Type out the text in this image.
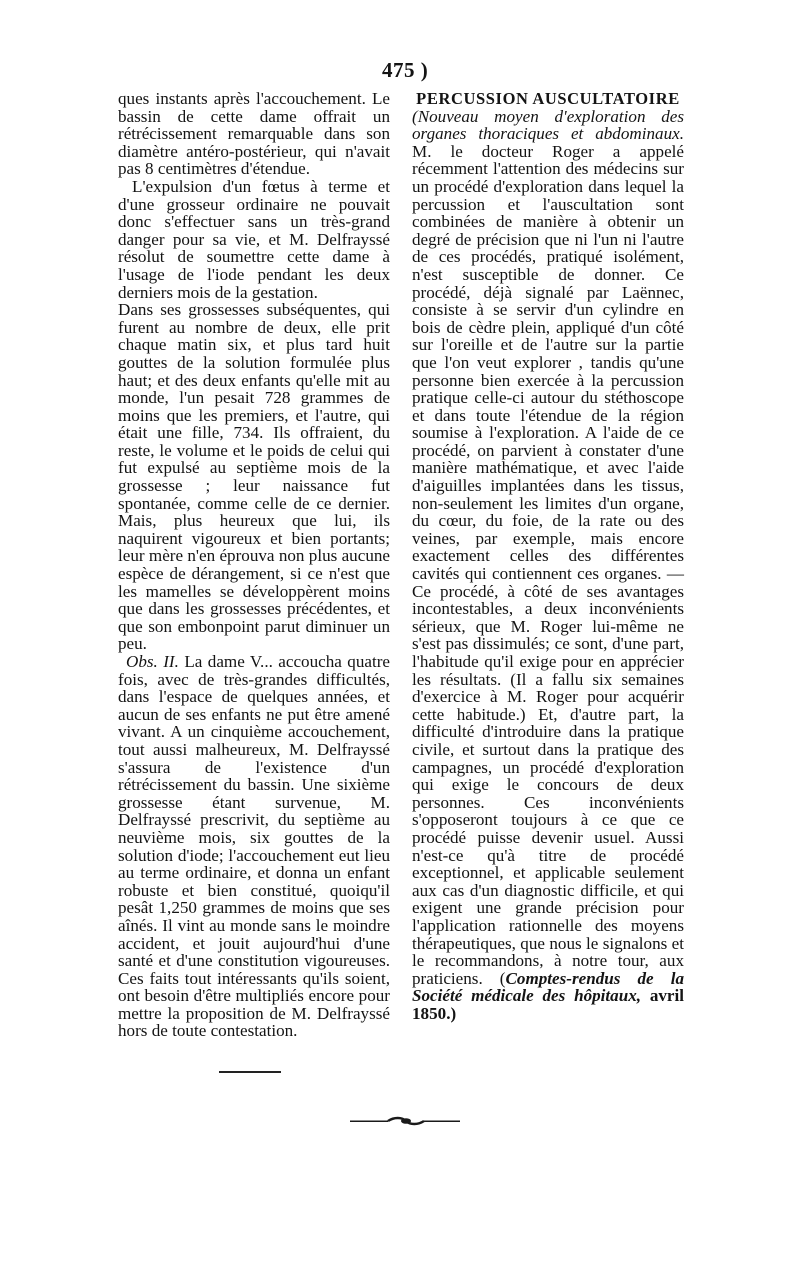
475 )

ques instants après l'accouchement. Le bassin de cette dame offrait un rétrécissement remarquable dans son diamètre antéro-postérieur, qui n'avait pas 8 centimètres d'étendue.

L'expulsion d'un fœtus à terme et d'une grosseur ordinaire ne pouvait donc s'effectuer sans un très-grand danger pour sa vie, et M. Delfrayssé résolut de soumettre cette dame à l'usage de l'iode pendant les deux derniers mois de la gestation.

Dans ses grossesses subséquentes, qui furent au nombre de deux, elle prit chaque matin six, et plus tard huit gouttes de la solution formulée plus haut; et des deux enfants qu'elle mit au monde, l'un pesait 728 grammes de moins que les premiers, et l'autre, qui était une fille, 734. Ils offraient, du reste, le volume et le poids de celui qui fut expulsé au septième mois de la grossesse ; leur naissance fut spontanée, comme celle de ce dernier. Mais, plus heureux que lui, ils naquirent vigoureux et bien portants; leur mère n'en éprouva non plus aucune espèce de dérangement, si ce n'est que les mamelles se développèrent moins que dans les grossesses précédentes, et que son embonpoint parut diminuer un peu.

Obs. II. La dame V... accoucha quatre fois, avec de très-grandes difficultés, dans l'espace de quelques années, et aucun de ses enfants ne put être amené vivant. A un cinquième accouchement, tout aussi malheureux, M. Delfrayssé s'assura de l'existence d'un rétrécissement du bassin. Une sixième grossesse étant survenue, M. Delfrayssé prescrivit, du septième au neuvième mois, six gouttes de la solution d'iode; l'accouchement eut lieu au terme ordinaire, et donna un enfant robuste et bien constitué, quoiqu'il pesât 1,250 grammes de moins que ses aînés. Il vint au monde sans le moindre accident, et jouit aujourd'hui d'une santé et d'une constitution vigoureuses. Ces faits tout intéressants qu'ils soient, ont besoin d'être multipliés encore pour mettre la proposition de M. Delfrayssé hors de toute contestation.

PERCUSSION AUSCULTATOIRE

(Nouveau moyen d'exploration des organes thoraciques et abdominaux. M. le docteur Roger a appelé récemment l'attention des médecins sur un procédé d'exploration dans lequel la percussion et l'auscultation sont combinées de manière à obtenir un degré de précision que ni l'un ni l'autre de ces procédés, pratiqué isolément, n'est susceptible de donner. Ce procédé, déjà signalé par Laënnec, consiste à se servir d'un cylindre en bois de cèdre plein, appliqué d'un côté sur l'oreille et de l'autre sur la partie que l'on veut explorer , tandis qu'une personne bien exercée à la percussion pratique celle-ci autour du stéthoscope et dans toute l'étendue de la région soumise à l'exploration. A l'aide de ce procédé, on parvient à constater d'une manière mathématique, et avec l'aide d'aiguilles implantées dans les tissus, non-seulement les limites d'un organe, du cœur, du foie, de la rate ou des veines, par exemple, mais encore exactement celles des différentes cavités qui contiennent ces organes. — Ce procédé, à côté de ses avantages incontestables, a deux inconvénients sérieux, que M. Roger lui-même ne s'est pas dissimulés; ce sont, d'une part, l'habitude qu'il exige pour en apprécier les résultats. (Il a fallu six semaines d'exercice à M. Roger pour acquérir cette habitude.) Et, d'autre part, la difficulté d'introduire dans la pratique civile, et surtout dans la pratique des campagnes, un procédé d'exploration qui exige le concours de deux personnes. Ces inconvénients s'opposeront toujours à ce que ce procédé puisse devenir usuel. Aussi n'est-ce qu'à titre de procédé exceptionnel, et applicable seulement aux cas d'un diagnostic difficile, et qui exigent une grande précision pour l'application rationnelle des moyens thérapeutiques, que nous le signalons et le recommandons, à notre tour, aux praticiens. (Comptes-rendus de la Société médicale des hôpitaux, avril 1850.)
